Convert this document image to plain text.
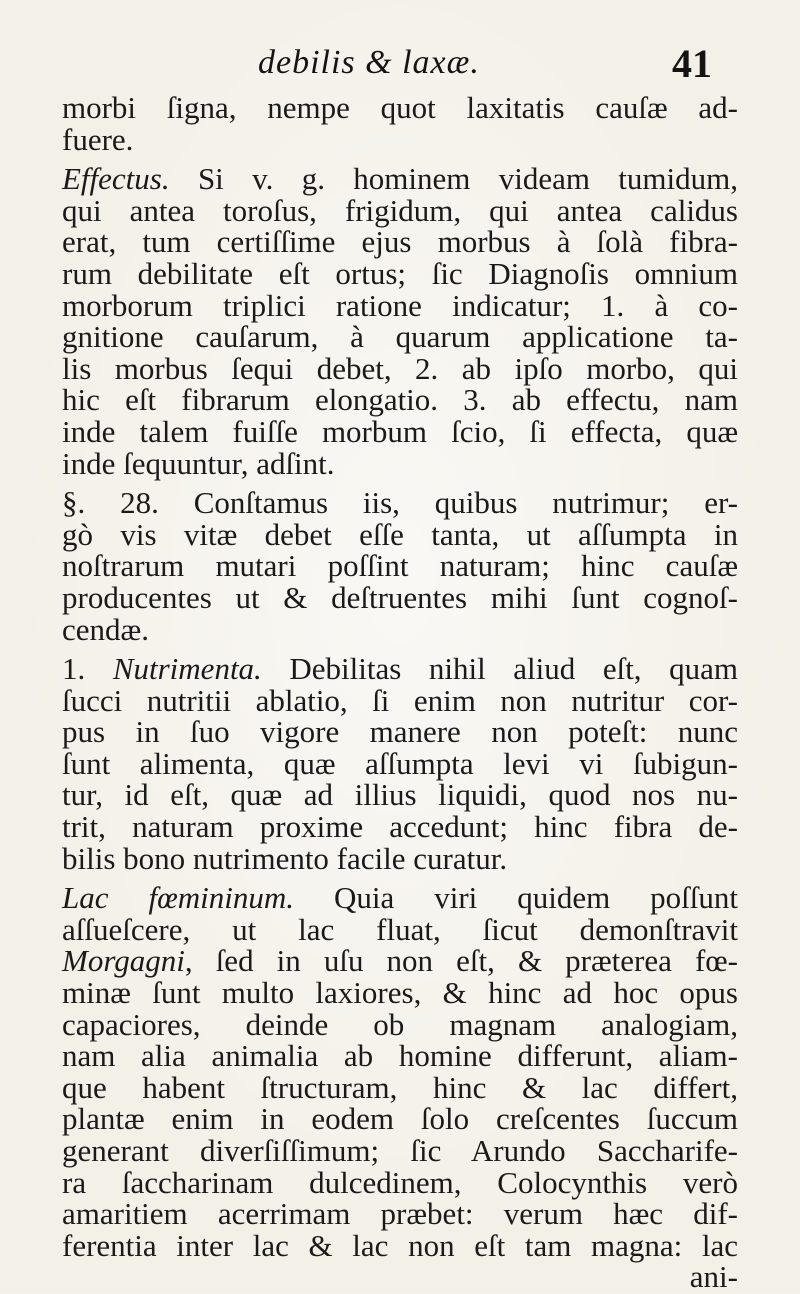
debilis & laxæ.	41
morbi ſigna, nempe quot laxitatis cauſæ ad-
fuere.
Effectus. Si v. g. hominem videam tumidum,
qui antea toroſus, frigidum, qui antea calidus
erat, tum certiſſime ejus morbus à ſolà fibra-
rum debilitate eſt ortus; ſic Diagnoſis omnium
morborum triplici ratione indicatur; 1. à co-
gnitione cauſarum, à quarum applicatione ta-
lis morbus ſequi debet, 2. ab ipſo morbo, qui
hic eſt fibrarum elongatio. 3. ab effectu, nam
inde talem fuiſſe morbum ſcio, ſi effecta, quæ
inde ſequuntur, adſint.
§. 28. Conſtamus iis, quibus nutrimur; er-
gò vis vitæ debet eſſe tanta, ut aſſumpta in
noſtrarum mutari poſſint naturam; hinc cauſæ
producentes ut & deſtruentes mihi ſunt cognoſ-
cendæ.
1. Nutrimenta. Debilitas nihil aliud eſt, quam
ſucci nutritii ablatio, ſi enim non nutritur cor-
pus in ſuo vigore manere non poteſt: nunc
ſunt alimenta, quæ aſſumpta levi vi ſubigun-
tur, id eſt, quæ ad illius liquidi, quod nos nu-
trit, naturam proxime accedunt; hinc fibra de-
bilis bono nutrimento facile curatur.
Lac fœmininum. Quia viri quidem poſſunt
aſſueſcere, ut lac fluat, ſicut demonſtravit
Morgagni, ſed in uſu non eſt, & præterea fœ-
minæ ſunt multo laxiores, & hinc ad hoc opus
capaciores, deinde ob magnam analogiam,
nam alia animalia ab homine differunt, aliam-
que habent ſtructuram, hinc & lac differt,
plantæ enim in eodem ſolo creſcentes ſuccum
generant diverſiſſimum; ſic Arundo Saccharife-
ra ſaccharinam dulcedinem, Colocynthis verò
amaritiem acerrimam præbet: verum hæc dif-
ferentia inter lac & lac non eſt tam magna: lac
ani-
